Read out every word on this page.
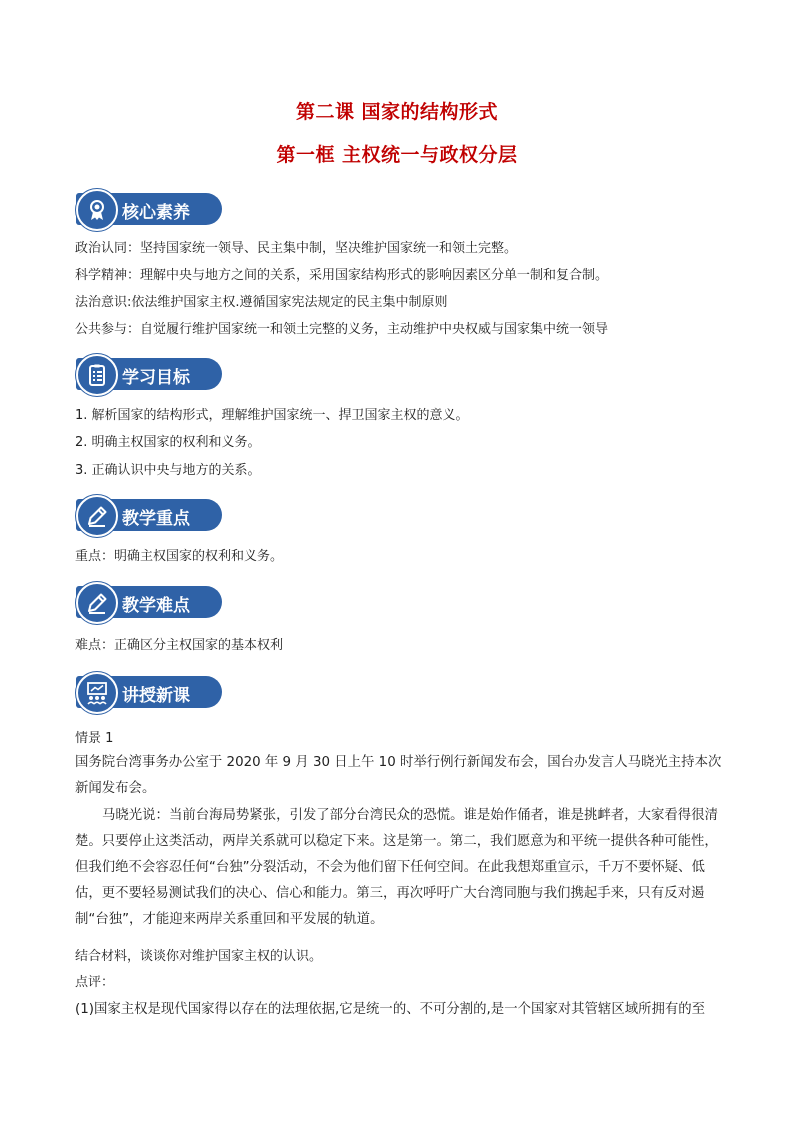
第二课 国家的结构形式
第一框 主权统一与政权分层
核心素养
政治认同：坚持国家统一领导、民主集中制，坚决维护国家统一和领土完整。
科学精神：理解中央与地方之间的关系，采用国家结构形式的影响因素区分单一制和复合制。
法治意识:依法维护国家主权.遵循国家宪法规定的民主集中制原则
公共参与：自觉履行维护国家统一和领土完整的义务，主动维护中央权威与国家集中统一领导
学习目标
1. 解析国家的结构形式，理解维护国家统一、捍卫国家主权的意义。
2. 明确主权国家的权利和义务。
3. 正确认识中央与地方的关系。
教学重点
重点：明确主权国家的权利和义务。
教学难点
难点：正确区分主权国家的基本权利
讲授新课
情景 1
国务院台湾事务办公室于 2020 年 9 月 30 日上午 10 时举行例行新闻发布会，国台办发言人马晓光主持本次新闻发布会。
马晓光说：当前台海局势紧张，引发了部分台湾民众的恐慌。谁是始作俑者，谁是挑衅者，大家看得很清楚。只要停止这类活动，两岸关系就可以稳定下来。这是第一。第二，我们愿意为和平统一提供各种可能性，但我们绝不会容忍任何“台独”分裂活动，不会为他们留下任何空间。在此我想郑重宣示，千万不要怀疑、低估，更不要轻易测试我们的决心、信心和能力。第三，再次呼吁广大台湾同胞与我们携起手来，只有反对遏制“台独”，才能迎来两岸关系重回和平发展的轨道。
结合材料，谈谈你对维护国家主权的认识。
点评：
(1)国家主权是现代国家得以存在的法理依据,它是统一的、不可分割的,是一个国家对其管辖区域所拥有的至
